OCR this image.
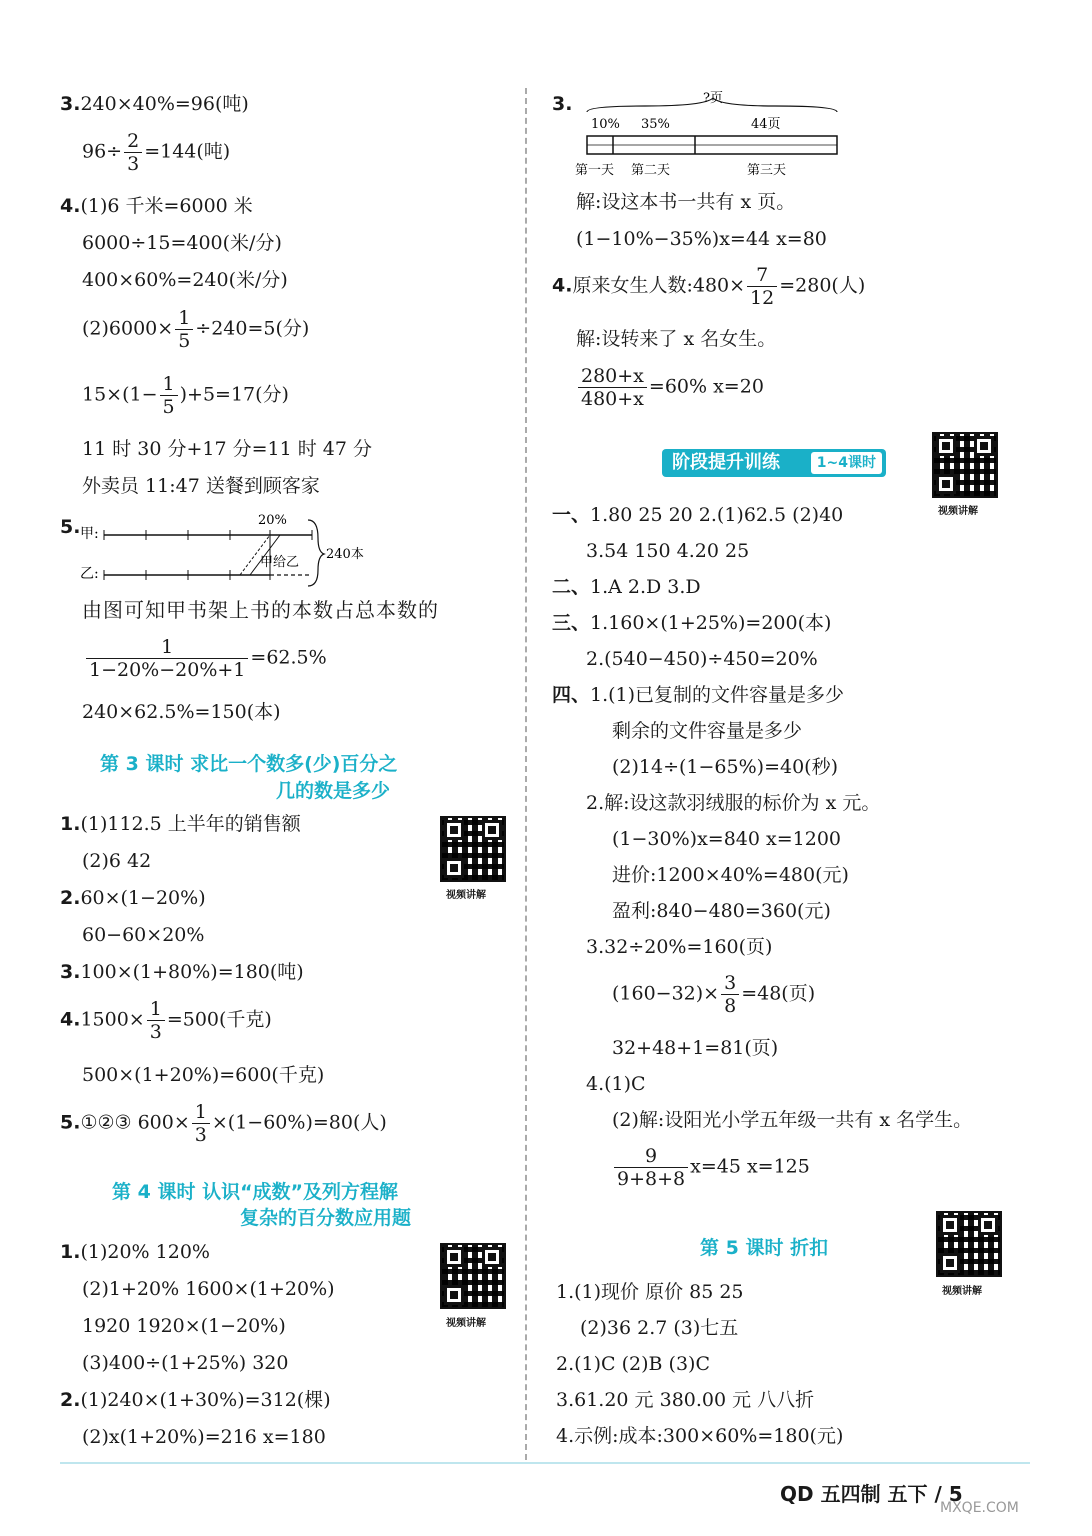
3.240×40%=96(吨)
$96\div \frac{2}{3} =144$(吨)
4.(1)6 千米=6000 米
6000÷15=400(米/分)
400×60%=240(米/分)
$(2)6000\times \frac{1}{5} \div 240=5$(分)
$15\times(1- \frac{1}{5} )+5=17$(分)
11 时 30 分+17 分=11 时 47 分
外卖员 11:47 送餐到顾客家
5. 甲:
乙:
20%
甲给乙
240本
由图可知甲书架上书的本数占总本数的
$\frac{1}{1-20\%-20\%+1} =62.5\%$
240×62.5%=150(本)
第 3 课时 求比一个数多(少)百分之
几的数是多少
1.(1)112.5 上半年的销售额
(2)6 42
视频讲解
2.60×(1−20%)
60−60×20%
3.100×(1+80%)=180(吨)
$4.1500\times \frac{1}{3} =500$(千克)
500×(1+20%)=600(千克)
5.①②③ $600\times \frac{1}{3} \times(1-60\%)=80$(人)
第 4 课时 认识“成数”及列方程解
复杂的百分数应用题
1.(1)20% 120%
视频讲解
(2)1+20% 1600×(1+20%)
1920 1920×(1−20%)
(3)400÷(1+25%) 320
2.(1)240×(1+30%)=312(棵)
(2)x(1+20%)=216 x=180
3.	?页
10% 35%	44页
第一天 第二天	第三天
解:设这本书一共有 x 页。
(1−10%−35%)x=44 x=80
4.原来女生人数:480× $\frac{7}{12} =280$(人)
解:设转来了 x 名女生。
$\frac{280+x}{480+x} =60\%$ x=20
阶段提升训练	1~4课时
视频讲解
一、1.80 25 20 2.(1)62.5 (2)40
3.54 150 4.20 25
二、1.A 2.D 3.D
三、1.160×(1+25%)=200(本)
2.(540−450)÷450=20%
四、1.(1)已复制的文件容量是多少
剩余的文件容量是多少
(2)14÷(1−65%)=40(秒)
2.解:设这款羽绒服的标价为 x 元。
(1−30%)x=840 x=1200
进价:1200×40%=480(元)
盈利:840−480=360(元)
3.32÷20%=160(页)
$(160-32)\times \frac{3}{8} =48$(页)
32+48+1=81(页)
4.(1)C
(2)解:设阳光小学五年级一共有 x 名学生。
$\frac{9}{9+8+8} x=45$ x=125
第 5 课时 折扣
视频讲解
1.(1)现价 原价 85 25
(2)36 2.7 (3)七五
2.(1)C (2)B (3)C
3.61.20 元 380.00 元 八八折
4.示例:成本:300×60%=180(元)
QD 五四制 五下 / 5
MXQE.COM
